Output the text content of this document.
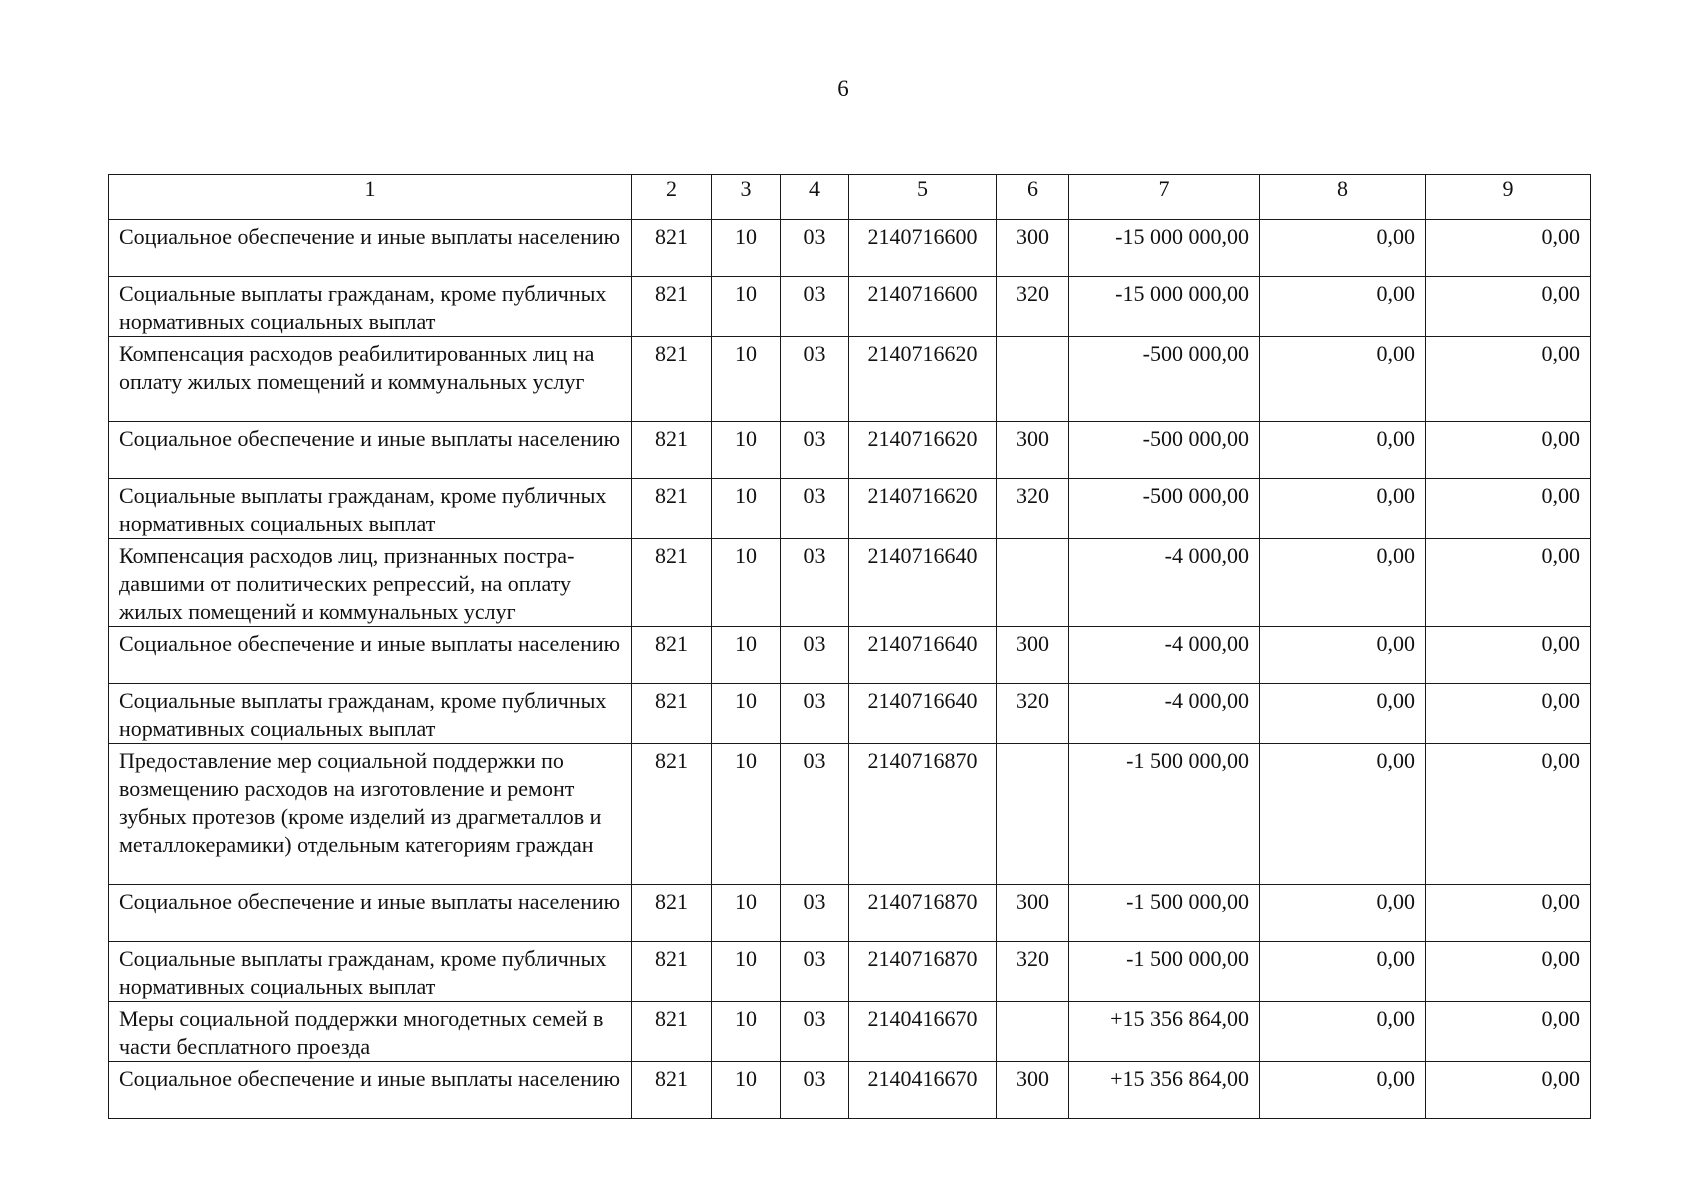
6
1	2	3	4	5	6	7	8	9
Социальное обеспечение и иные выплаты населению	821	10	03	2140716600	300	-15 000 000,00	0,00	0,00
Социальные выплаты гражданам, кроме публичных нормативных социальных выплат	821	10	03	2140716600	320	-15 000 000,00	0,00	0,00
Компенсация расходов реабилитированных лиц на оплату жилых помещений и коммунальных услуг	821	10	03	2140716620		-500 000,00	0,00	0,00
Социальное обеспечение и иные выплаты населению	821	10	03	2140716620	300	-500 000,00	0,00	0,00
Социальные выплаты гражданам, кроме публичных нормативных социальных выплат	821	10	03	2140716620	320	-500 000,00	0,00	0,00
Компенсация расходов лиц, признанных постра-давшими от политических репрессий, на оплату жилых помещений и коммунальных услуг	821	10	03	2140716640		-4 000,00	0,00	0,00
Социальное обеспечение и иные выплаты населению	821	10	03	2140716640	300	-4 000,00	0,00	0,00
Социальные выплаты гражданам, кроме публичных нормативных социальных выплат	821	10	03	2140716640	320	-4 000,00	0,00	0,00
Предоставление мер социальной поддержки по возмещению расходов на изготовление и ремонт зубных протезов (кроме изделий из драгметаллов и металлокерамики) отдельным категориям граждан	821	10	03	2140716870		-1 500 000,00	0,00	0,00
Социальное обеспечение и иные выплаты населению	821	10	03	2140716870	300	-1 500 000,00	0,00	0,00
Социальные выплаты гражданам, кроме публичных нормативных социальных выплат	821	10	03	2140716870	320	-1 500 000,00	0,00	0,00
Меры социальной поддержки многодетных семей в части бесплатного проезда	821	10	03	2140416670		+15 356 864,00	0,00	0,00
Социальное обеспечение и иные выплаты населению	821	10	03	2140416670	300	+15 356 864,00	0,00	0,00
